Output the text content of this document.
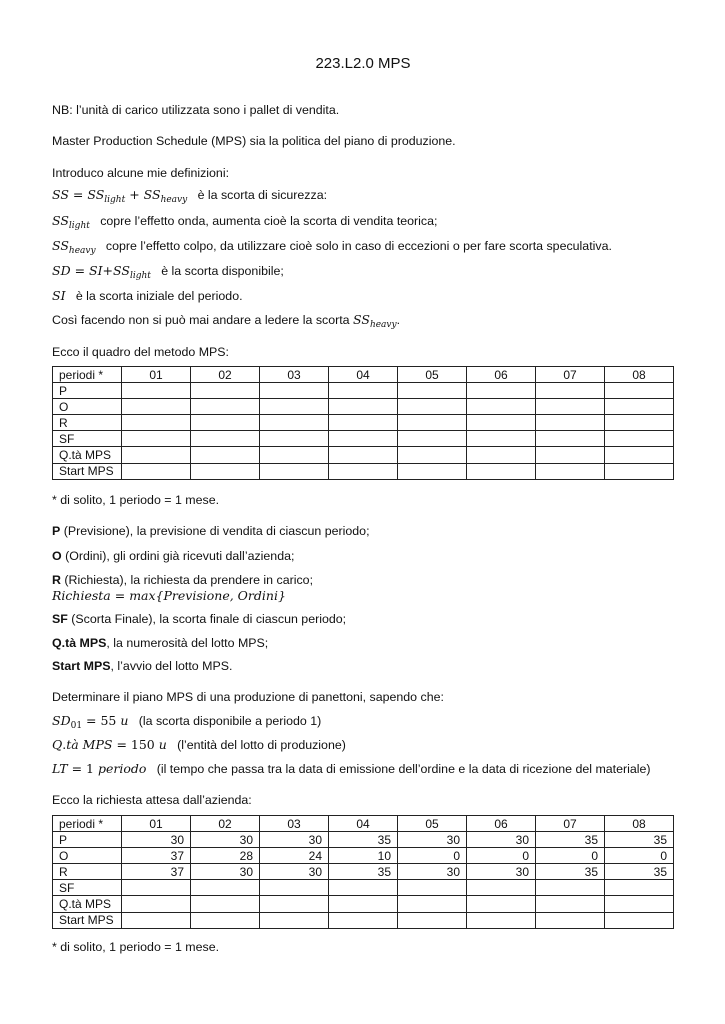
223.L2.0 MPS
NB: l’unità di carico utilizzata sono i pallet di vendita.
Master Production Schedule (MPS) sia la politica del piano di produzione.
Introduco alcune mie definizioni:
SS = $SS_{light} + SS_{heavy}$ è la scorta di sicurezza:
$SS_{light}$ copre l’effetto onda, aumenta cioè la scorta di vendita teorica;
$SS_{heavy}$ copre l’effetto colpo, da utilizzare cioè solo in caso di eccezioni o per fare scorta speculativa.
SD = $SI+SS_{light}$ è la scorta disponibile;
SI è la scorta iniziale del periodo.
Così facendo non si può mai andare a ledere la scorta $SS_{heavy}$.
Ecco il quadro del metodo MPS:
periodi *	01	02	03	04	05	06	07	08
P								
O								
R								
SF								
Q.tà MPS								
Start MPS								
* di solito, 1 periodo = 1 mese.
P (Previsione), la previsione di vendita di ciascun periodo;
O (Ordini), gli ordini già ricevuti dall’azienda;
R (Richiesta), la richiesta da prendere in carico;
Richiesta = max{Previsione, Ordini}
SF (Scorta Finale), la scorta finale di ciascun periodo;
Q.tà MPS, la numerosità del lotto MPS;
Start MPS, l’avvio del lotto MPS.
Determinare il piano MPS di una produzione di panettoni, sapendo che:
$SD_{01} = 55$ u (la scorta disponibile a periodo 1)
Q.tà MPS = 150 u (l’entità del lotto di produzione)
LT = 1 periodo (il tempo che passa tra la data di emissione dell’ordine e la data di ricezione del materiale)
Ecco la richiesta attesa dall’azienda:
periodi *	01	02	03	04	05	06	07	08
P	30	30	30	35	30	30	35	35
O	37	28	24	10	0	0	0	0
R	37	30	30	35	30	30	35	35
SF								
Q.tà MPS								
Start MPS								
* di solito, 1 periodo = 1 mese.
